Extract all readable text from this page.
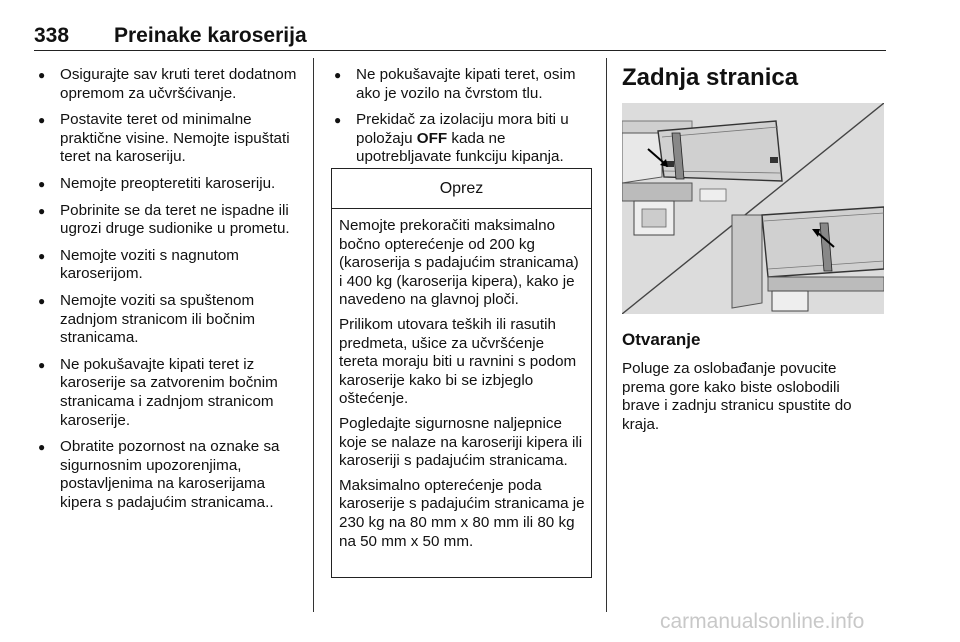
338 Preinake karoserija
● Osigurajte sav kruti teret dodatnom opremom za učvršćivanje.
● Postavite teret od minimalne praktične visine. Nemojte ispuštati teret na karoseriju.
● Nemojte preopteretiti karoseriju.
● Pobrinite se da teret ne ispadne ili ugrozi druge sudionike u prometu.
● Nemojte voziti s nagnutom karoserijom.
● Nemojte voziti sa spuštenom zadnjom stranicom ili bočnim stranicama.
● Ne pokušavajte kipati teret iz karoserije sa zatvorenim bočnim stranicama i zadnjom stranicom karoserije.
● Obratite pozornost na oznake sa sigurnosnim upozorenjima, postavljenima na karoserijama kipera s padajućim stranicama..
● Ne pokušavajte kipati teret, osim ako je vozilo na čvrstom tlu.
● Prekidač za izolaciju mora biti u položaju OFF kada ne upotrebljavate funkciju kipanja.
Oprez

Nemojte prekoračiti maksimalno bočno opterećenje od 200 kg (karoserija s padajućim stranicama) i 400 kg (karoserija kipera), kako je navedeno na glavnoj ploči.

Prilikom utovara teških ili rasutih predmeta, ušice za učvršćenje tereta moraju biti u ravnini s podom karoserije kako bi se izbjeglo oštećenje.

Pogledajte sigurnosne naljepnice koje se nalaze na karoseriji kipera ili karoseriji s padajućim stranicama.

Maksimalno opterećenje poda karoserije s padajućim stranicama je 230 kg na 80 mm x 80 mm ili 80 kg na 50 mm x 50 mm.

Zadnja stranica
Otvaranje
Poluge za oslobađanje povucite prema gore kako biste oslobodili brave i zadnju stranicu spustite do kraja.
carmanualsonline.info
